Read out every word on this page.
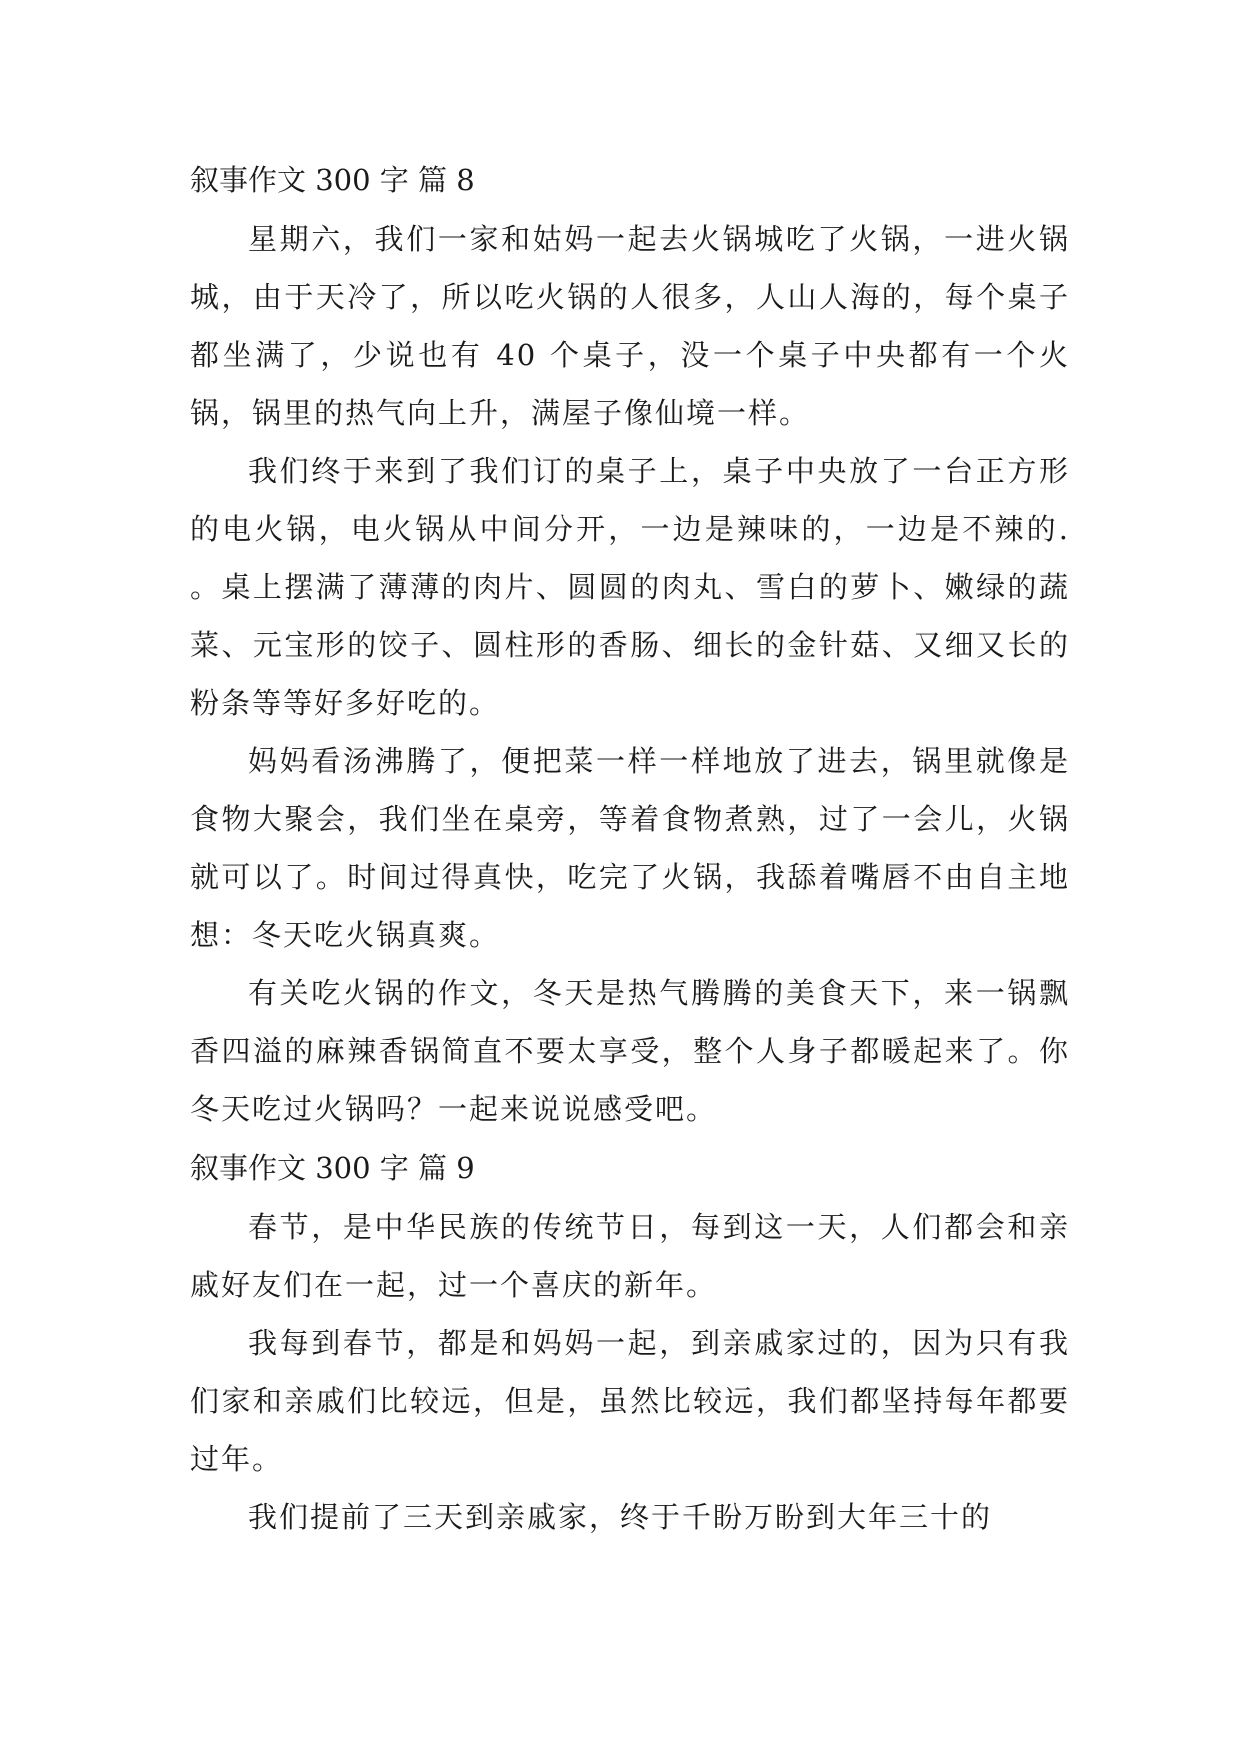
叙事作文 300 字 篇 8

星期六，我们一家和姑妈一起去火锅城吃了火锅，一进火锅城，由于天冷了，所以吃火锅的人很多，人山人海的，每个桌子都坐满了，少说也有 40 个桌子，没一个桌子中央都有一个火锅，锅里的热气向上升，满屋子像仙境一样。

我们终于来到了我们订的桌子上，桌子中央放了一台正方形的电火锅，电火锅从中间分开，一边是辣味的，一边是不辣的. 。桌上摆满了薄薄的肉片、圆圆的肉丸、雪白的萝卜、嫩绿的蔬菜、元宝形的饺子、圆柱形的香肠、细长的金针菇、又细又长的粉条等等好多好吃的。

妈妈看汤沸腾了，便把菜一样一样地放了进去，锅里就像是食物大聚会，我们坐在桌旁，等着食物煮熟，过了一会儿，火锅就可以了。时间过得真快，吃完了火锅，我舔着嘴唇不由自主地想：冬天吃火锅真爽。

有关吃火锅的作文，冬天是热气腾腾的美食天下，来一锅飘香四溢的麻辣香锅简直不要太享受，整个人身子都暖起来了。你冬天吃过火锅吗？一起来说说感受吧。

叙事作文 300 字 篇 9

春节，是中华民族的传统节日，每到这一天，人们都会和亲戚好友们在一起，过一个喜庆的新年。

我每到春节，都是和妈妈一起，到亲戚家过的，因为只有我们家和亲戚们比较远，但是，虽然比较远，我们都坚持每年都要过年。

我们提前了三天到亲戚家，终于千盼万盼到大年三十的
